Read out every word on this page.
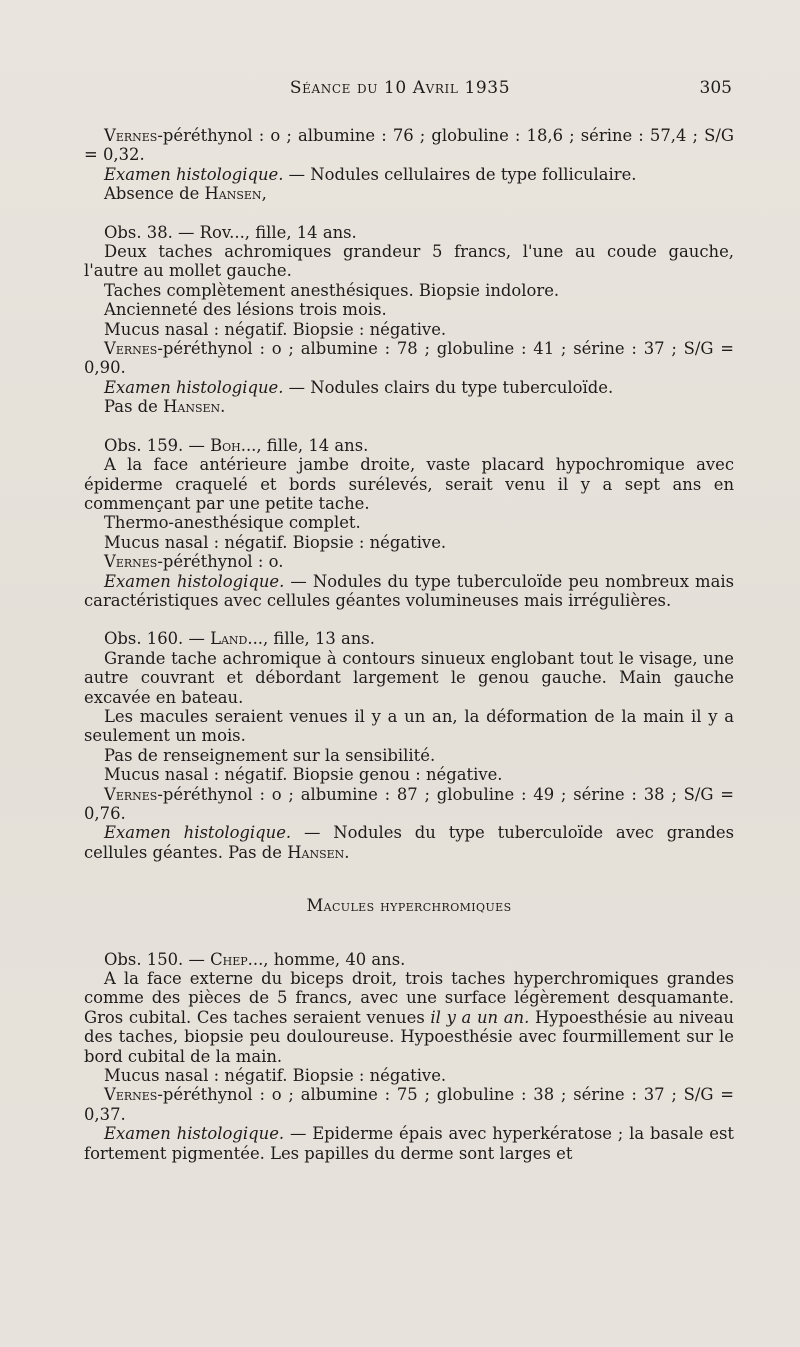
Séance du 10 Avril 1935	305

Vernes-péréthynol : o ; albumine : 76 ; globuline : 18,6 ; sérine : 57,4 ; S/G = 0,32.

Examen histologique. — Nodules cellulaires de type folliculaire.

Absence de Hansen,

Obs. 38. — Rov..., fille, 14 ans.

Deux taches achromiques grandeur 5 francs, l'une au coude gauche, l'autre au mollet gauche.

Taches complètement anesthésiques. Biopsie indolore.

Ancienneté des lésions trois mois.

Mucus nasal : négatif. Biopsie : négative.

Vernes-péréthynol : o ; albumine : 78 ; globuline : 41 ; sérine : 37 ; S/G = 0,90.

Examen histologique. — Nodules clairs du type tuberculoïde.

Pas de Hansen.

Obs. 159. — Boh..., fille, 14 ans.

A la face antérieure jambe droite, vaste placard hypochromique avec épiderme craquelé et bords surélevés, serait venu il y a sept ans en commençant par une petite tache.

Thermo-anesthésique complet.

Mucus nasal : négatif. Biopsie : négative.

Vernes-péréthynol : o.

Examen histologique. — Nodules du type tuberculoïde peu nombreux mais caractéristiques avec cellules géantes volumineuses mais irrégulières.

Obs. 160. — Land..., fille, 13 ans.

Grande tache achromique à contours sinueux englobant tout le visage, une autre couvrant et débordant largement le genou gauche. Main gauche excavée en bateau.

Les macules seraient venues il y a un an, la déformation de la main il y a seulement un mois.

Pas de renseignement sur la sensibilité.

Mucus nasal : négatif. Biopsie genou : négative.

Vernes-péréthynol : o ; albumine : 87 ; globuline : 49 ; sérine : 38 ; S/G = 0,76.

Examen histologique. — Nodules du type tuberculoïde avec grandes cellules géantes. Pas de Hansen.

Macules hyperchromiques

Obs. 150. — Chep..., homme, 40 ans.

A la face externe du biceps droit, trois taches hyperchromiques grandes comme des pièces de 5 francs, avec une surface légèrement desquamante. Gros cubital. Ces taches seraient venues il y a un an. Hypoesthésie au niveau des taches, biopsie peu douloureuse. Hypoesthésie avec fourmillement sur le bord cubital de la main.

Mucus nasal : négatif. Biopsie : négative.

Vernes-péréthynol : o ; albumine : 75 ; globuline : 38 ; sérine : 37 ; S/G = 0,37.

Examen histologique. — Epiderme épais avec hyperkératose ; la basale est fortement pigmentée. Les papilles du derme sont larges et
